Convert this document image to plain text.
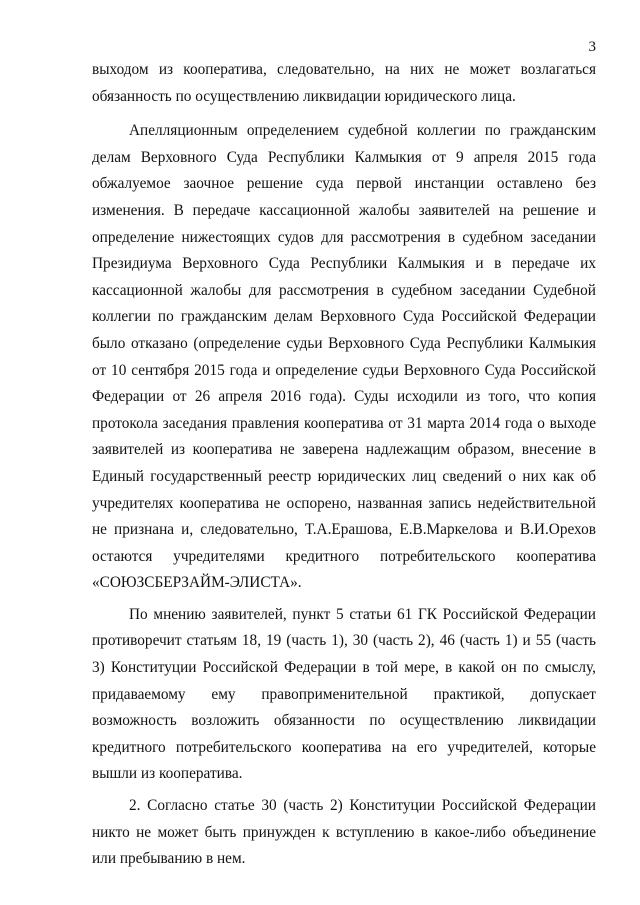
3

выходом из кооператива, следовательно, на них не может возлагаться обязанность по осуществлению ликвидации юридического лица.

Апелляционным определением судебной коллегии по гражданским делам Верховного Суда Республики Калмыкия от 9 апреля 2015 года обжалуемое заочное решение суда первой инстанции оставлено без изменения. В передаче кассационной жалобы заявителей на решение и определение нижестоящих судов для рассмотрения в судебном заседании Президиума Верховного Суда Республики Калмыкия и в передаче их кассационной жалобы для рассмотрения в судебном заседании Судебной коллегии по гражданским делам Верховного Суда Российской Федерации было отказано (определение судьи Верховного Суда Республики Калмыкия от 10 сентября 2015 года и определение судьи Верховного Суда Российской Федерации от 26 апреля 2016 года). Суды исходили из того, что копия протокола заседания правления кооператива от 31 марта 2014 года о выходе заявителей из кооператива не заверена надлежащим образом, внесение в Единый государственный реестр юридических лиц сведений о них как об учредителях кооператива не оспорено, названная запись недействительной не признана и, следовательно, Т.А.Ерашова, Е.В.Маркелова и В.И.Орехов остаются учредителями кредитного потребительского кооператива «СОЮЗСБЕРЗАЙМ-ЭЛИСТА».

По мнению заявителей, пункт 5 статьи 61 ГК Российской Федерации противоречит статьям 18, 19 (часть 1), 30 (часть 2), 46 (часть 1) и 55 (часть 3) Конституции Российской Федерации в той мере, в какой он по смыслу, придаваемому ему правоприменительной практикой, допускает возможность возложить обязанности по осуществлению ликвидации кредитного потребительского кооператива на его учредителей, которые вышли из кооператива.

2. Согласно статье 30 (часть 2) Конституции Российской Федерации никто не может быть принужден к вступлению в какое-либо объединение или пребыванию в нем.
